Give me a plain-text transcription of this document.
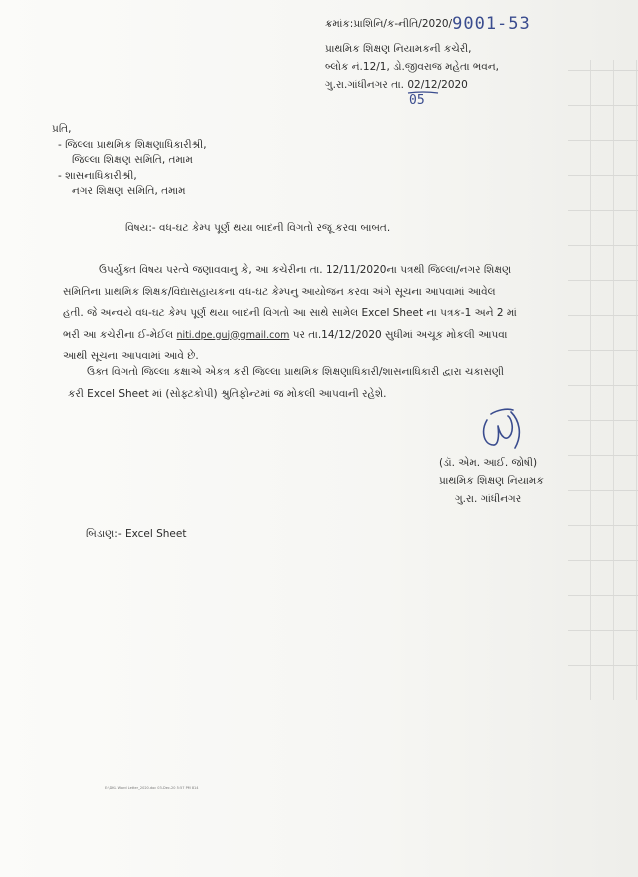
ક્રમાંક:પ્રાશિનિ/ક-નીતિ/2020/9001-53
પ્રાથમિક શિક્ષણ નિયામકની કચેરી,
બ્લોક નં.12/1, ડો.જીવરાજ મહેતા ભવન,
ગુ.રા.ગાંધીનગર તા. 02/12/2020
05
પ્રતિ,
- જિલ્લા પ્રાથમિક શિક્ષણાધિકારીશ્રી,
જિલ્લા શિક્ષણ સમિતિ, તમામ
- શાસનાધિકારીશ્રી,
નગર શિક્ષણ સમિતિ, તમામ
વિષય:- વધ-ઘટ કેમ્પ પૂર્ણ થયા બાદની વિગતો રજૂ કરવા બાબત.
ઉપર્યુક્ત વિષય પરત્વે જણાવવાનુ કે, આ કચેરીના તા. 12/11/2020ના પત્રથી જિલ્લા/નગર શિક્ષણ
સમિતિના પ્રાથમિક શિક્ષક/વિદ્યાસહાયકના વધ-ઘટ કેમ્પનુ આયોજન કરવા અંગે સૂચના આપવામાં આવેલ
હતી. જે અન્વયે વધ-ઘટ કેમ્પ પૂર્ણ થયા બાદની વિગતો આ સાથે સામેલ Excel Sheet ના પત્રક-1 અને 2 માં
ભરી આ કચેરીના ઈ-મેઈલ niti.dpe.guj@gmail.com પર તા.14/12/2020 સુધીમાં અચૂક મોકલી આપવા
આથી સૂચના આપવામાં આવે છે.
ઉક્ત વિગતો જિલ્લા કક્ષાએ એકત્ર કરી જિલ્લા પ્રાથમિક શિક્ષણાધિકારી/શાસનાધિકારી દ્વારા ચકાસણી
કરી Excel Sheet માં (સોફ્ટકોપી) શ્રુતિફોન્ટમાં જ મોકલી આપવાની રહેશે.
(ડૉ. એમ. આઈ. જોષી)
પ્રાથમિક શિક્ષણ નિયામક
ગુ.રા. ગાંધીનગર
બિડાણ:- Excel Sheet
E:\DKL Word Letter_2020.doc 03-Dec-20 5:57 PM 814
